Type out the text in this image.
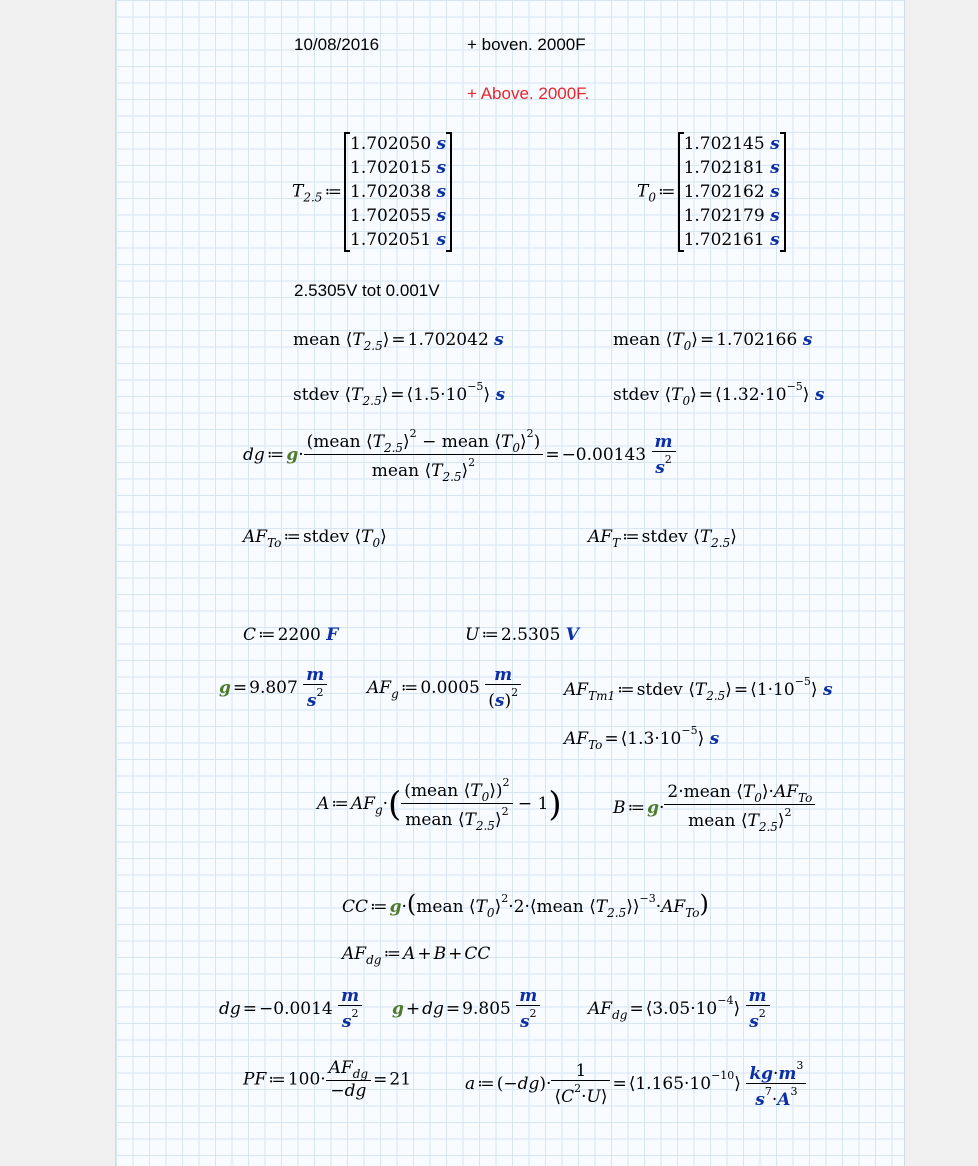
10/08/2016	+ boven. 2000F
+ Above. 2000F.
$T_{2.5}$ ≔
1.702050 s
1.702015 s
1.702038 s
1.702055 s
1.702051 s
$T_0$ ≔
1.702145 s
1.702181 s
1.702162 s
1.702179 s
1.702161 s
2.5305V tot 0.001V
mean $⟨T_{2.5}⟩ = 1.702042$ s	mean $⟨T_0⟩ = 1.702166$ s
stdev $⟨T_{2.5}⟩$ = $⟨1.5\cdot 10^{-5}⟩$ s	stdev $⟨T_0⟩$ = $⟨1.32\cdot 10^{-5}⟩$ s
dg ≔ $g\cdot \frac{(mean ⟨T_{2.5}⟩^2 - mean ⟨T_0⟩^2)}{mean ⟨T_{2.5}⟩^2} = -0.00143 \frac{m}{s^2}$
$AF_{To}$ ≔ stdev $⟨T_0⟩$	$AF_T$ ≔ stdev $⟨T_{2.5}⟩$
C ≔ 2200 F	U ≔ 2.5305 V
$g = 9.807 \frac{m}{s^2} AF_g$ ≔ $0.0005 \frac{m}{(s)^2}$	$AF_{Tm1}$ ≔ stdev $⟨T_{2.5}⟩$ = $⟨1\cdot 10^{-5}⟩$ s
$AF_{To}$ = $⟨1.3\cdot 10^{-5}⟩$ s
A ≔ $AF_g\cdot( \frac{(mean ⟨T_0⟩)^2}{mean ⟨T_{2.5}⟩^2} - 1)$	B ≔ $g\cdot \frac{2\cdot mean ⟨T_0⟩\cdot AF_{To}}{mean ⟨T_{2.5}⟩^2}$
CC ≔ g·(mean $⟨T_0⟩^2\cdot 2\cdot⟨mean$ $⟨T_{2.5}⟩⟩^{-3}\cdot AF_{To}$)
$AF_{dg}$ ≔ A + B + CC
dg = $-0.0014 \frac{m}{s^2}$ g + dg = $9.805 \frac{m}{s^2}$	$AF_{dg}$ = $⟨3.05\cdot 10^{-4}⟩ \frac{m}{s^2}$
PF ≔ $100\cdot \frac{AF_{dg}}{-dg} = 21$	a ≔ $(-dg)\cdot \frac{1}{⟨C^2\cdot U⟩}$ = $⟨1.165\cdot 10^{-10}⟩ \frac{kg\cdot m^3}{s^7\cdot A^3}$
